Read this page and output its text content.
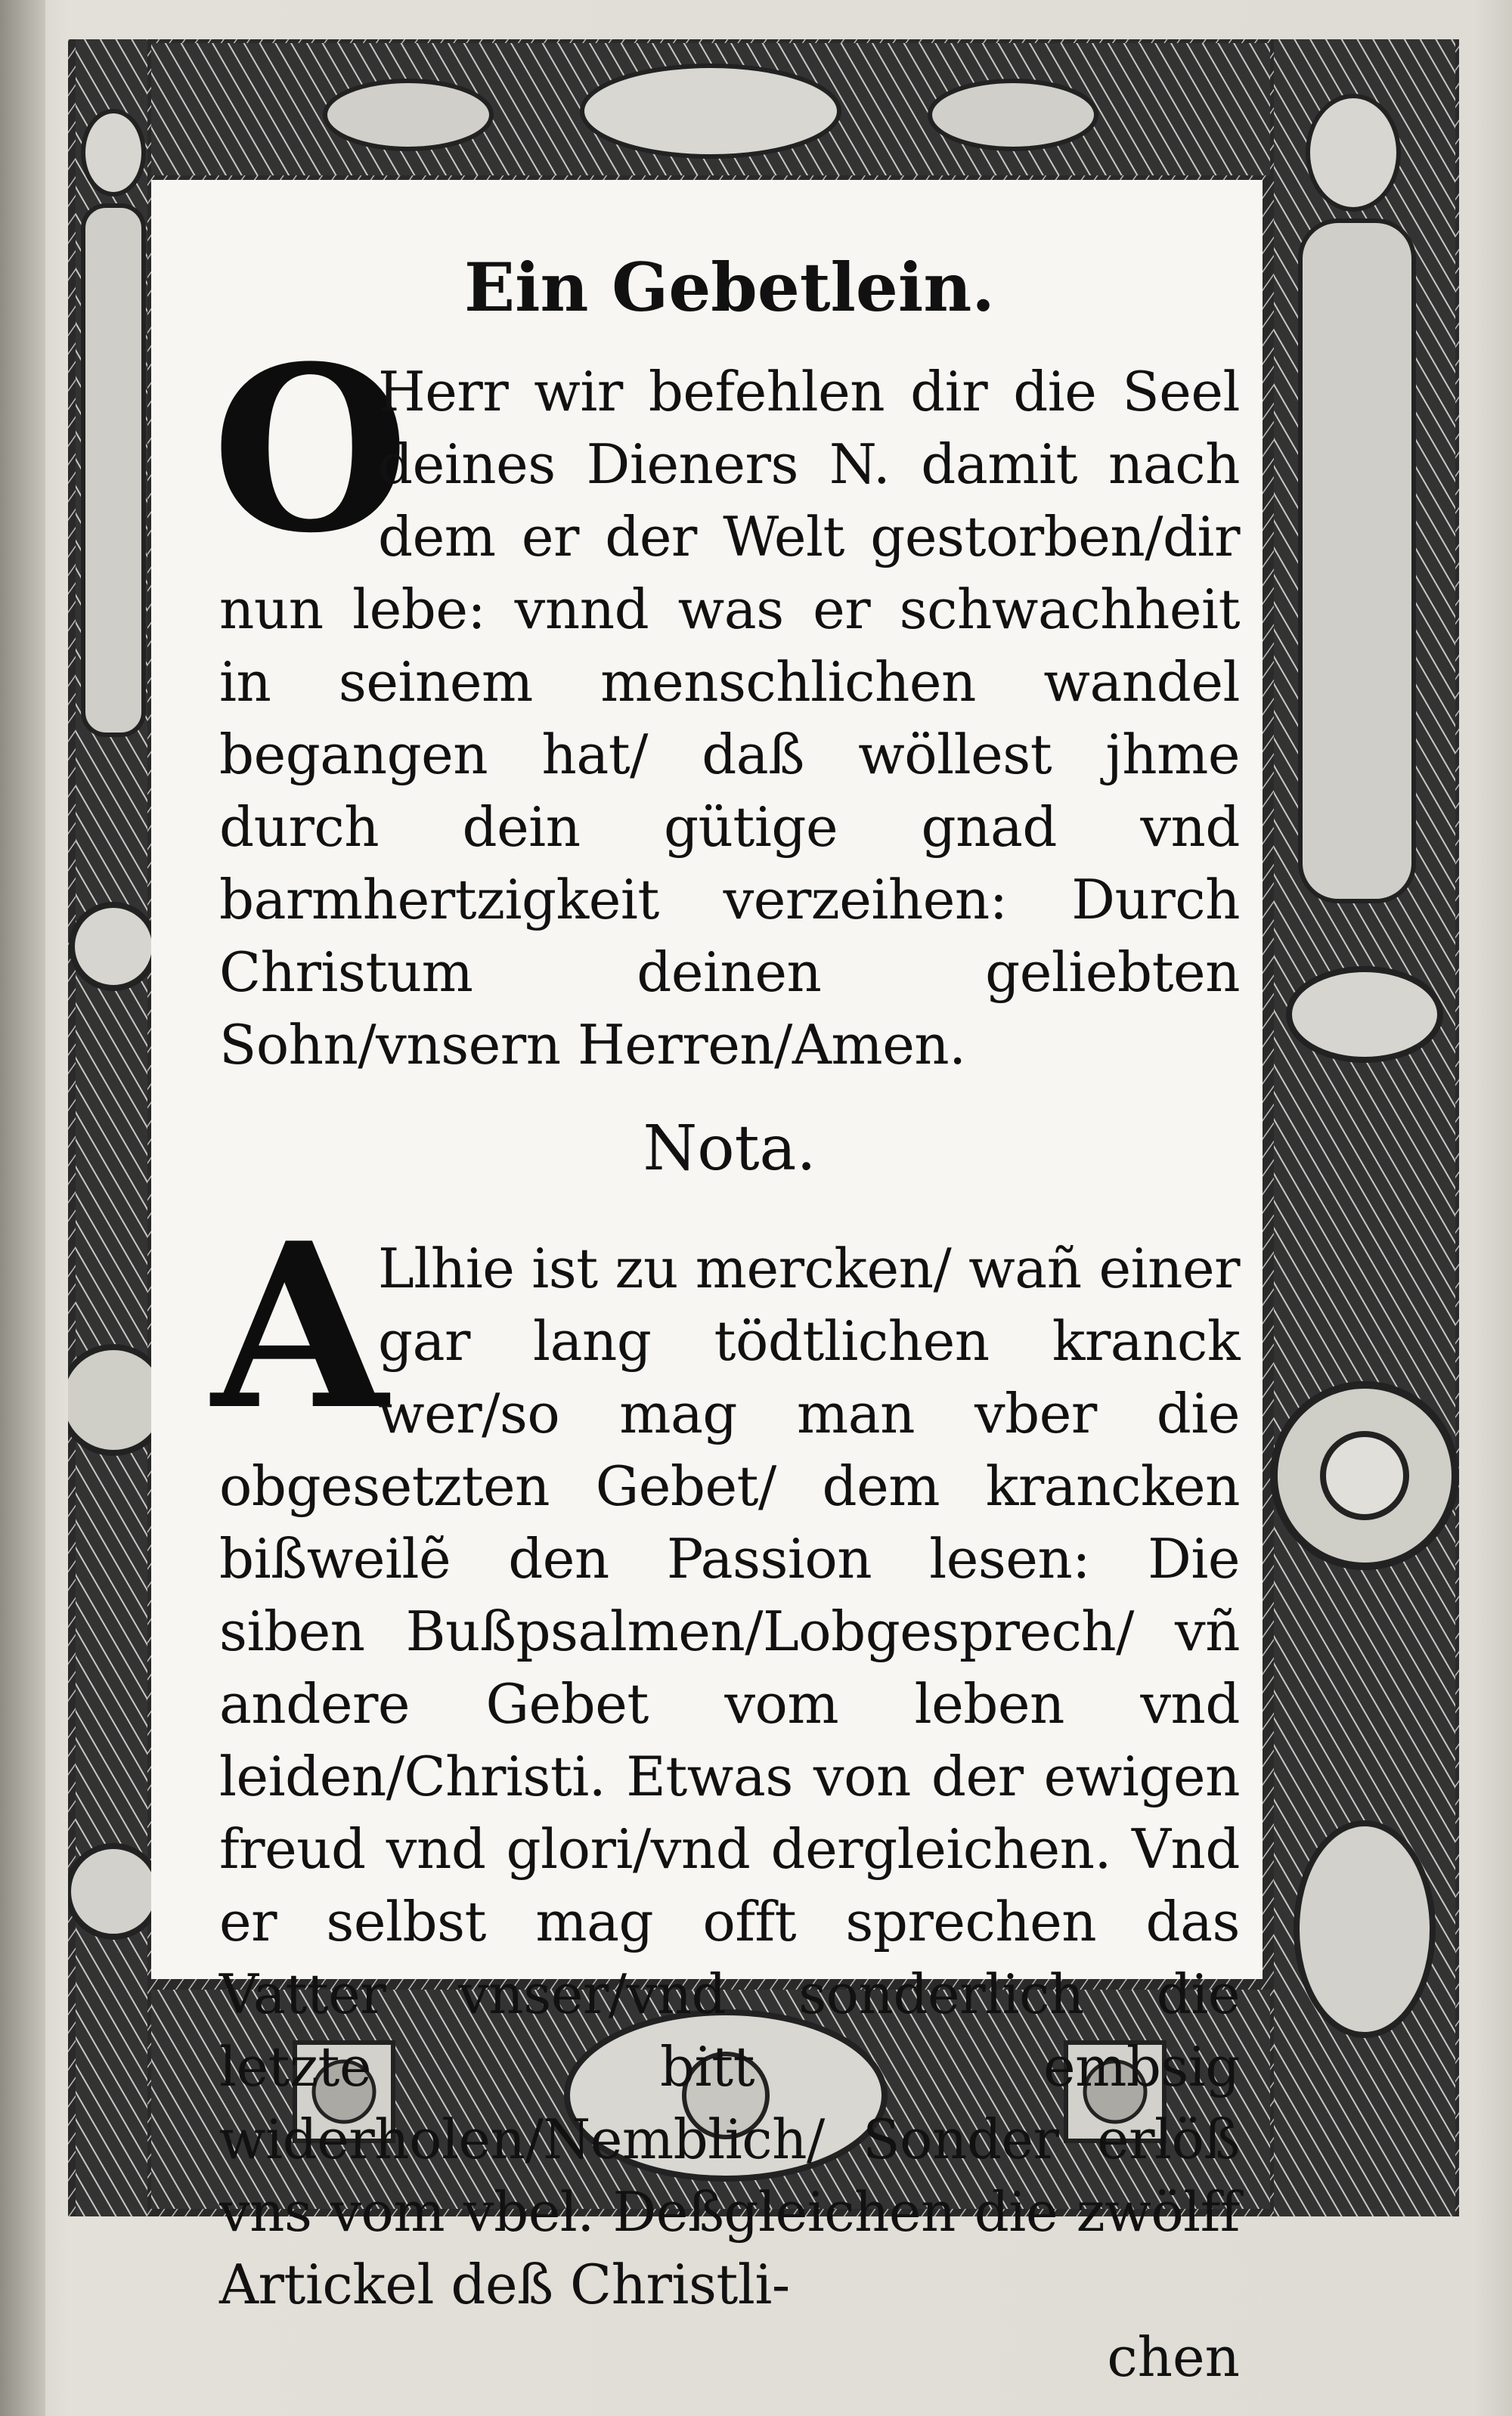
Ein Gebetlein.

O
Herr wir befehlen dir die Seel deines Dieners N. damit nach dem er der Welt gestorben/dir nun lebe: vnnd was er schwachheit in seinem menschlichen wandel begangen hat/ daß wöllest jhme durch dein gütige gnad vnd barmhertzigkeit verzeihen: Durch Christum deinen geliebten Sohn/vnsern Herren/Amen.

Nota.

A
Llhie ist zu mercken/ wañ einer gar lang tödtlichen kranck wer/so mag man vber die obgesetzten Gebet/ dem krancken bißweilẽ den Passion lesen: Die siben Bußpsalmen/Lobgesprech/ vñ andere Gebet vom leben vnd leiden/Christi. Etwas von der ewigen freud vnd glori/vnd dergleichen. Vnd er selbst mag offt sprechen das Vatter vnser/vnd sonderlich die letzte bitt embsig widerholen/Nemblich/ Sonder erlöß vns vom vbel. Deßgleichen die zwölff Artickel deß Christli-

chen
